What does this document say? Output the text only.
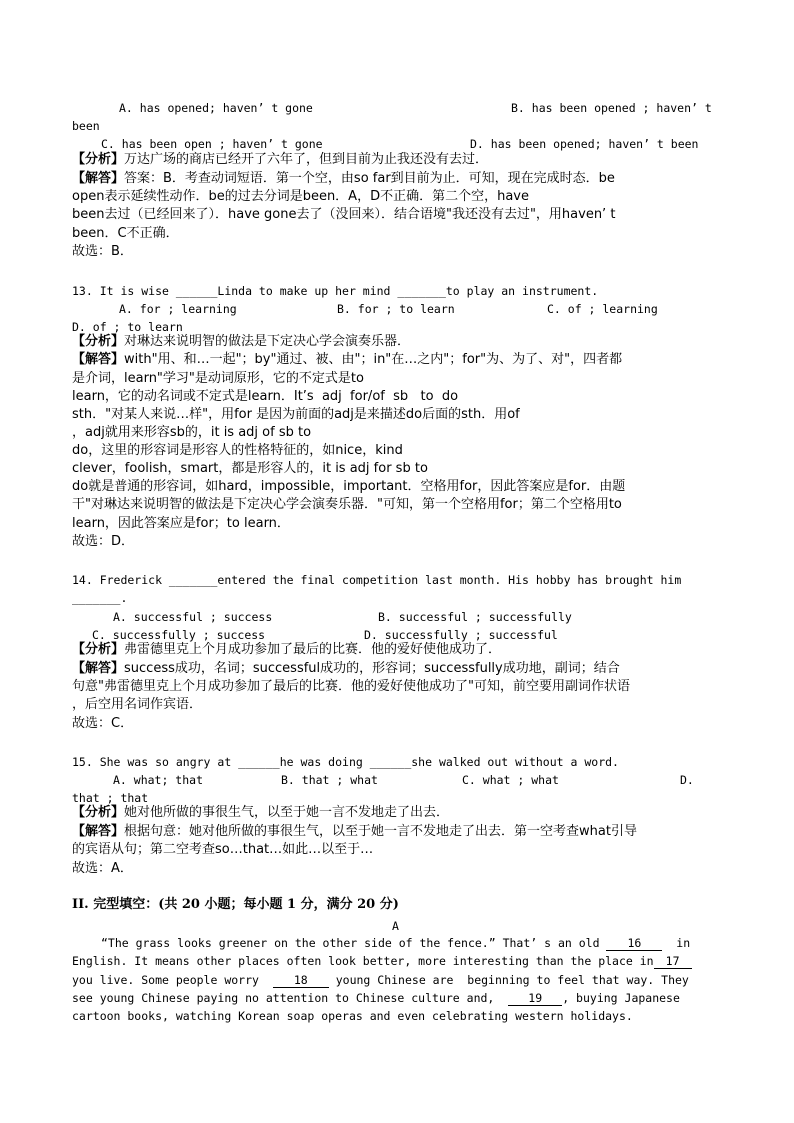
A. has opened; haven’ t gone	B. has been opened ; haven’ t
been
C. has been open ; haven’ t gone	D. has been opened; haven’ t been
【分析】万达广场的商店已经开了六年了，但到目前为止我还没有去过．
【解答】答案：B．考查动词短语．第一个空，由so far到目前为止．可知，现在完成时态．be
open表示延续性动作．be的过去分词是been．A，D不正确．第二个空，have
been去过（已经回来了）．have gone去了（没回来）．结合语境"我还没有去过"，用haven’ t
been．C不正确．
故选：B．
13. It is wise ______Linda to make up her mind _______to play an instrument.
A. for ; learning	B. for ; to learn	C. of ; learning
D. of ; to learn
【分析】对琳达来说明智的做法是下定决心学会演奏乐器．
【解答】with"用、和…一起"；by"通过、被、由"；in"在…之内"；for"为、为了、对"，四者都
是介词，learn"学习"是动词原形，它的不定式是to
learn，它的动名词或不定式是learn．It’s  adj  for/of  sb   to  do
sth．"对某人来说…样"，用for 是因为前面的adj是来描述do后面的sth．用of
，adj就用来形容sb的，it is adj of sb to
do，这里的形容词是形容人的性格特征的，如nice，kind
clever，foolish，smart，都是形容人的，it is adj for sb to
do就是普通的形容词，如hard，impossible，important．空格用for，因此答案应是for．由题
干"对琳达来说明智的做法是下定决心学会演奏乐器．"可知，第一个空格用for；第二个空格用to
learn，因此答案应是for；to learn．
故选：D．
14. Frederick _______entered the final competition last month. His hobby has brought him
_______.
A. successful ; success	B. successful ; successfully
C. successfully ; success	D. successfully ; successful
【分析】弗雷德里克上个月成功参加了最后的比赛．他的爱好使他成功了．
【解答】success成功，名词；successful成功的，形容词；successfully成功地，副词；结合
句意"弗雷德里克上个月成功参加了最后的比赛．他的爱好使他成功了"可知，前空要用副词作状语
，后空用名词作宾语．
故选：C．
15. She was so angry at ______he was doing ______she walked out without a word.
A. what; that	B. that ; what	C. what ; what	D.
that ; that
【分析】她对他所做的事很生气，以至于她一言不发地走了出去．
【解答】根据句意：她对他所做的事很生气，以至于她一言不发地走了出去．第一空考查what引导
的宾语从句；第二空考查so…that…如此…以至于…
故选：A．
II. 完型填空：(共 20 小题；每小题 1 分，满分 20 分)
A
“The grass looks greener on the other side of the fence.” That’ s an old 16	in
English. It means other places often look better, more interesting than the place in 17
you live. Some people worry	18 young Chinese are  beginning to feel that way. They
see young Chinese paying no attention to Chinese culture and,	19 , buying Japanese
cartoon books, watching Korean soap operas and even celebrating western holidays.
